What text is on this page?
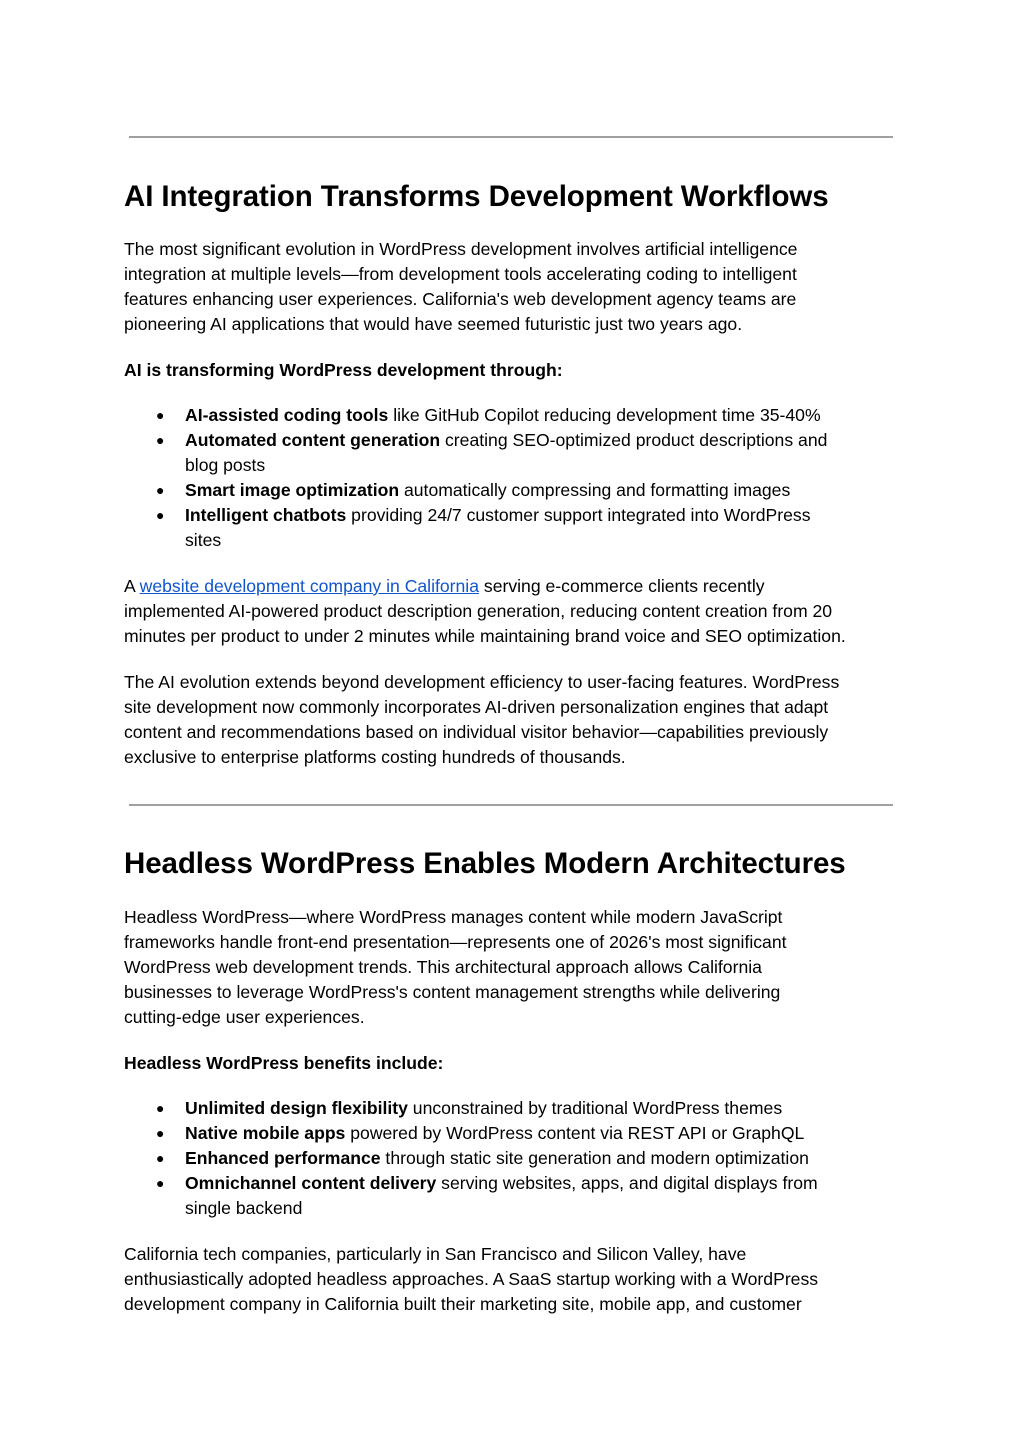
AI Integration Transforms Development Workflows

The most significant evolution in WordPress development involves artificial intelligence
integration at multiple levels—from development tools accelerating coding to intelligent
features enhancing user experiences. California's web development agency teams are
pioneering AI applications that would have seemed futuristic just two years ago.

AI is transforming WordPress development through:

● AI-assisted coding tools like GitHub Copilot reducing development time 35-40%
● Automated content generation creating SEO-optimized product descriptions and
blog posts
● Smart image optimization automatically compressing and formatting images
● Intelligent chatbots providing 24/7 customer support integrated into WordPress
sites

A website development company in California serving e-commerce clients recently
implemented AI-powered product description generation, reducing content creation from 20
minutes per product to under 2 minutes while maintaining brand voice and SEO optimization.

The AI evolution extends beyond development efficiency to user-facing features. WordPress
site development now commonly incorporates AI-driven personalization engines that adapt
content and recommendations based on individual visitor behavior—capabilities previously
exclusive to enterprise platforms costing hundreds of thousands.

Headless WordPress Enables Modern Architectures

Headless WordPress—where WordPress manages content while modern JavaScript
frameworks handle front-end presentation—represents one of 2026's most significant
WordPress web development trends. This architectural approach allows California
businesses to leverage WordPress's content management strengths while delivering
cutting-edge user experiences.

Headless WordPress benefits include:

● Unlimited design flexibility unconstrained by traditional WordPress themes
● Native mobile apps powered by WordPress content via REST API or GraphQL
● Enhanced performance through static site generation and modern optimization
● Omnichannel content delivery serving websites, apps, and digital displays from
single backend

California tech companies, particularly in San Francisco and Silicon Valley, have
enthusiastically adopted headless approaches. A SaaS startup working with a WordPress
development company in California built their marketing site, mobile app, and customer
